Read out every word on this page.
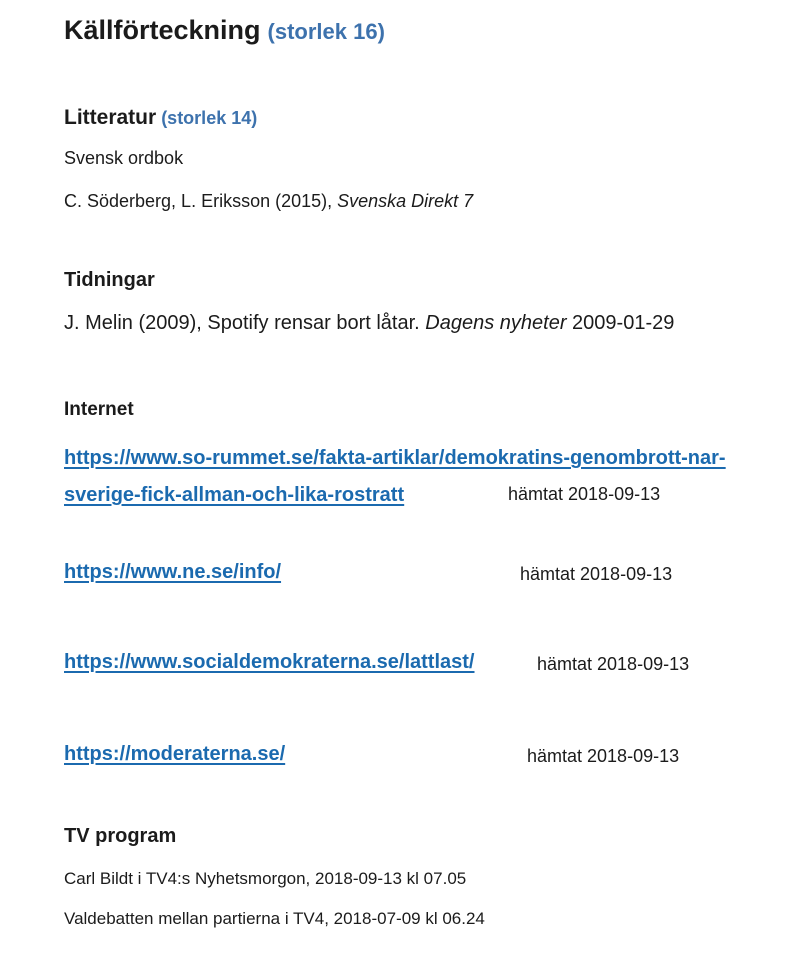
Källförteckning (storlek 16)
Litteratur (storlek 14)

Svensk ordbok

C. Söderberg, L. Eriksson (2015), Svenska Direkt 7

Tidningar

J. Melin (2009), Spotify rensar bort låtar. Dagens nyheter 2009-01-29

Internet
https://www.so-rummet.se/fakta-artiklar/demokratins-genombrott-nar-
sverige-fick-allman-och-lika-rostratt	hämtat 2018-09-13
https://www.ne.se/info/	hämtat 2018-09-13
https://www.socialdemokraterna.se/lattlast/	hämtat 2018-09-13
https://moderaterna.se/	hämtat 2018-09-13
TV program

Carl Bildt i TV4:s Nyhetsmorgon, 2018-09-13 kl 07.05

Valdebatten mellan partierna i TV4, 2018-07-09 kl 06.24
